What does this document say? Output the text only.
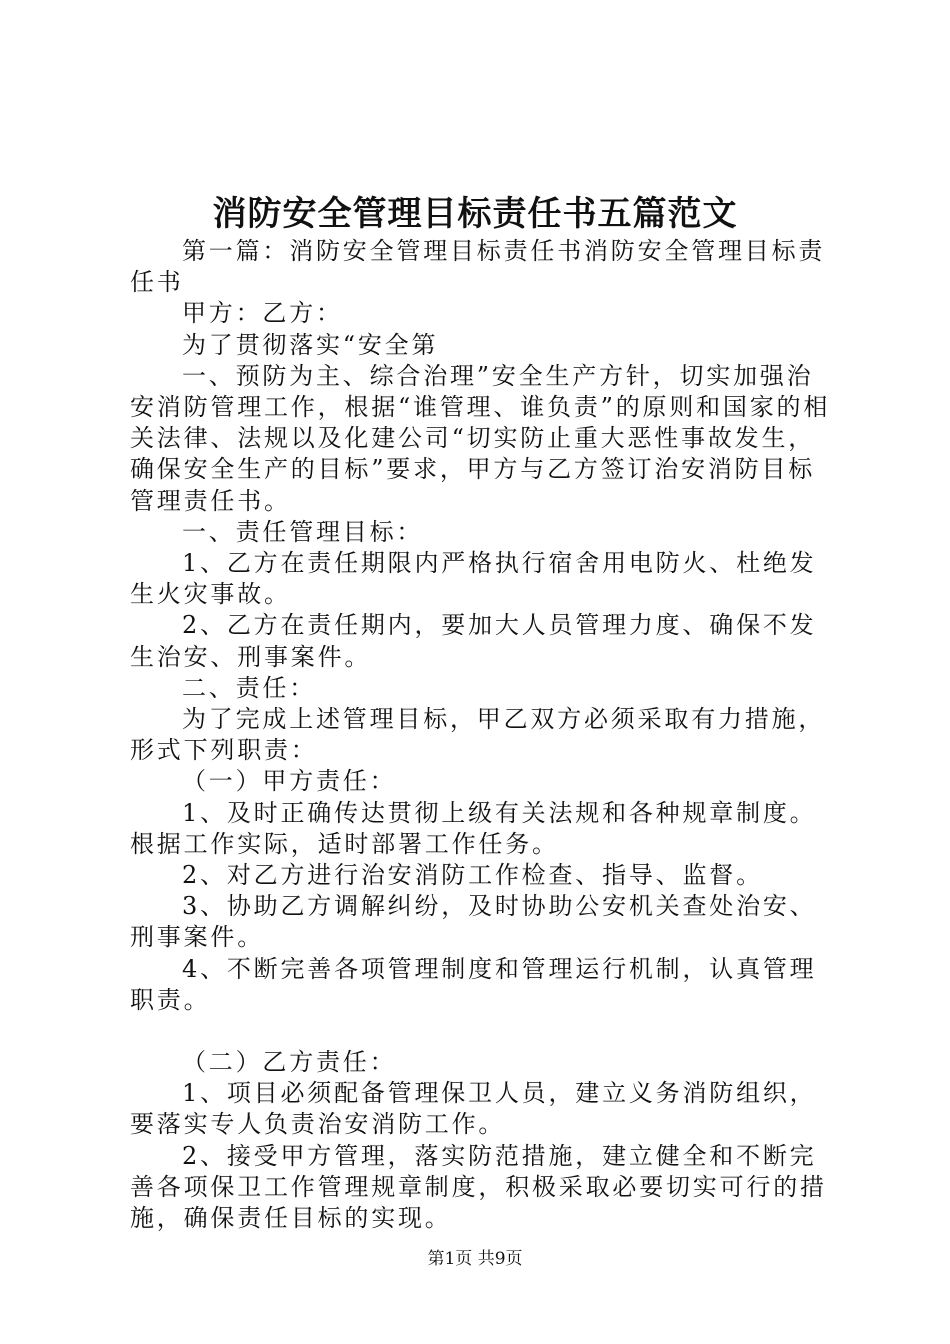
消防安全管理目标责任书五篇范文

第一篇：消防安全管理目标责任书消防安全管理目标责任书

甲方：乙方：

为了贯彻落实“安全第

一、预防为主、综合治理”安全生产方针，切实加强治安消防管理工作，根据“谁管理、谁负责”的原则和国家的相关法律、法规以及化建公司“切实防止重大恶性事故发生，确保安全生产的目标”要求，甲方与乙方签订治安消防目标管理责任书。

一、责任管理目标：

1、乙方在责任期限内严格执行宿舍用电防火、杜绝发生火灾事故。

2、乙方在责任期内，要加大人员管理力度、确保不发生治安、刑事案件。

二、责任：

为了完成上述管理目标，甲乙双方必须采取有力措施，形式下列职责：

（一）甲方责任：

1、及时正确传达贯彻上级有关法规和各种规章制度。根据工作实际，适时部署工作任务。

2、对乙方进行治安消防工作检查、指导、监督。

3、协助乙方调解纠纷，及时协助公安机关查处治安、刑事案件。

4、不断完善各项管理制度和管理运行机制，认真管理职责。

（二）乙方责任：

1、项目必须配备管理保卫人员，建立义务消防组织，要落实专人负责治安消防工作。

2、接受甲方管理，落实防范措施，建立健全和不断完善各项保卫工作管理规章制度，积极采取必要切实可行的措施，确保责任目标的实现。

第1页 共9页
